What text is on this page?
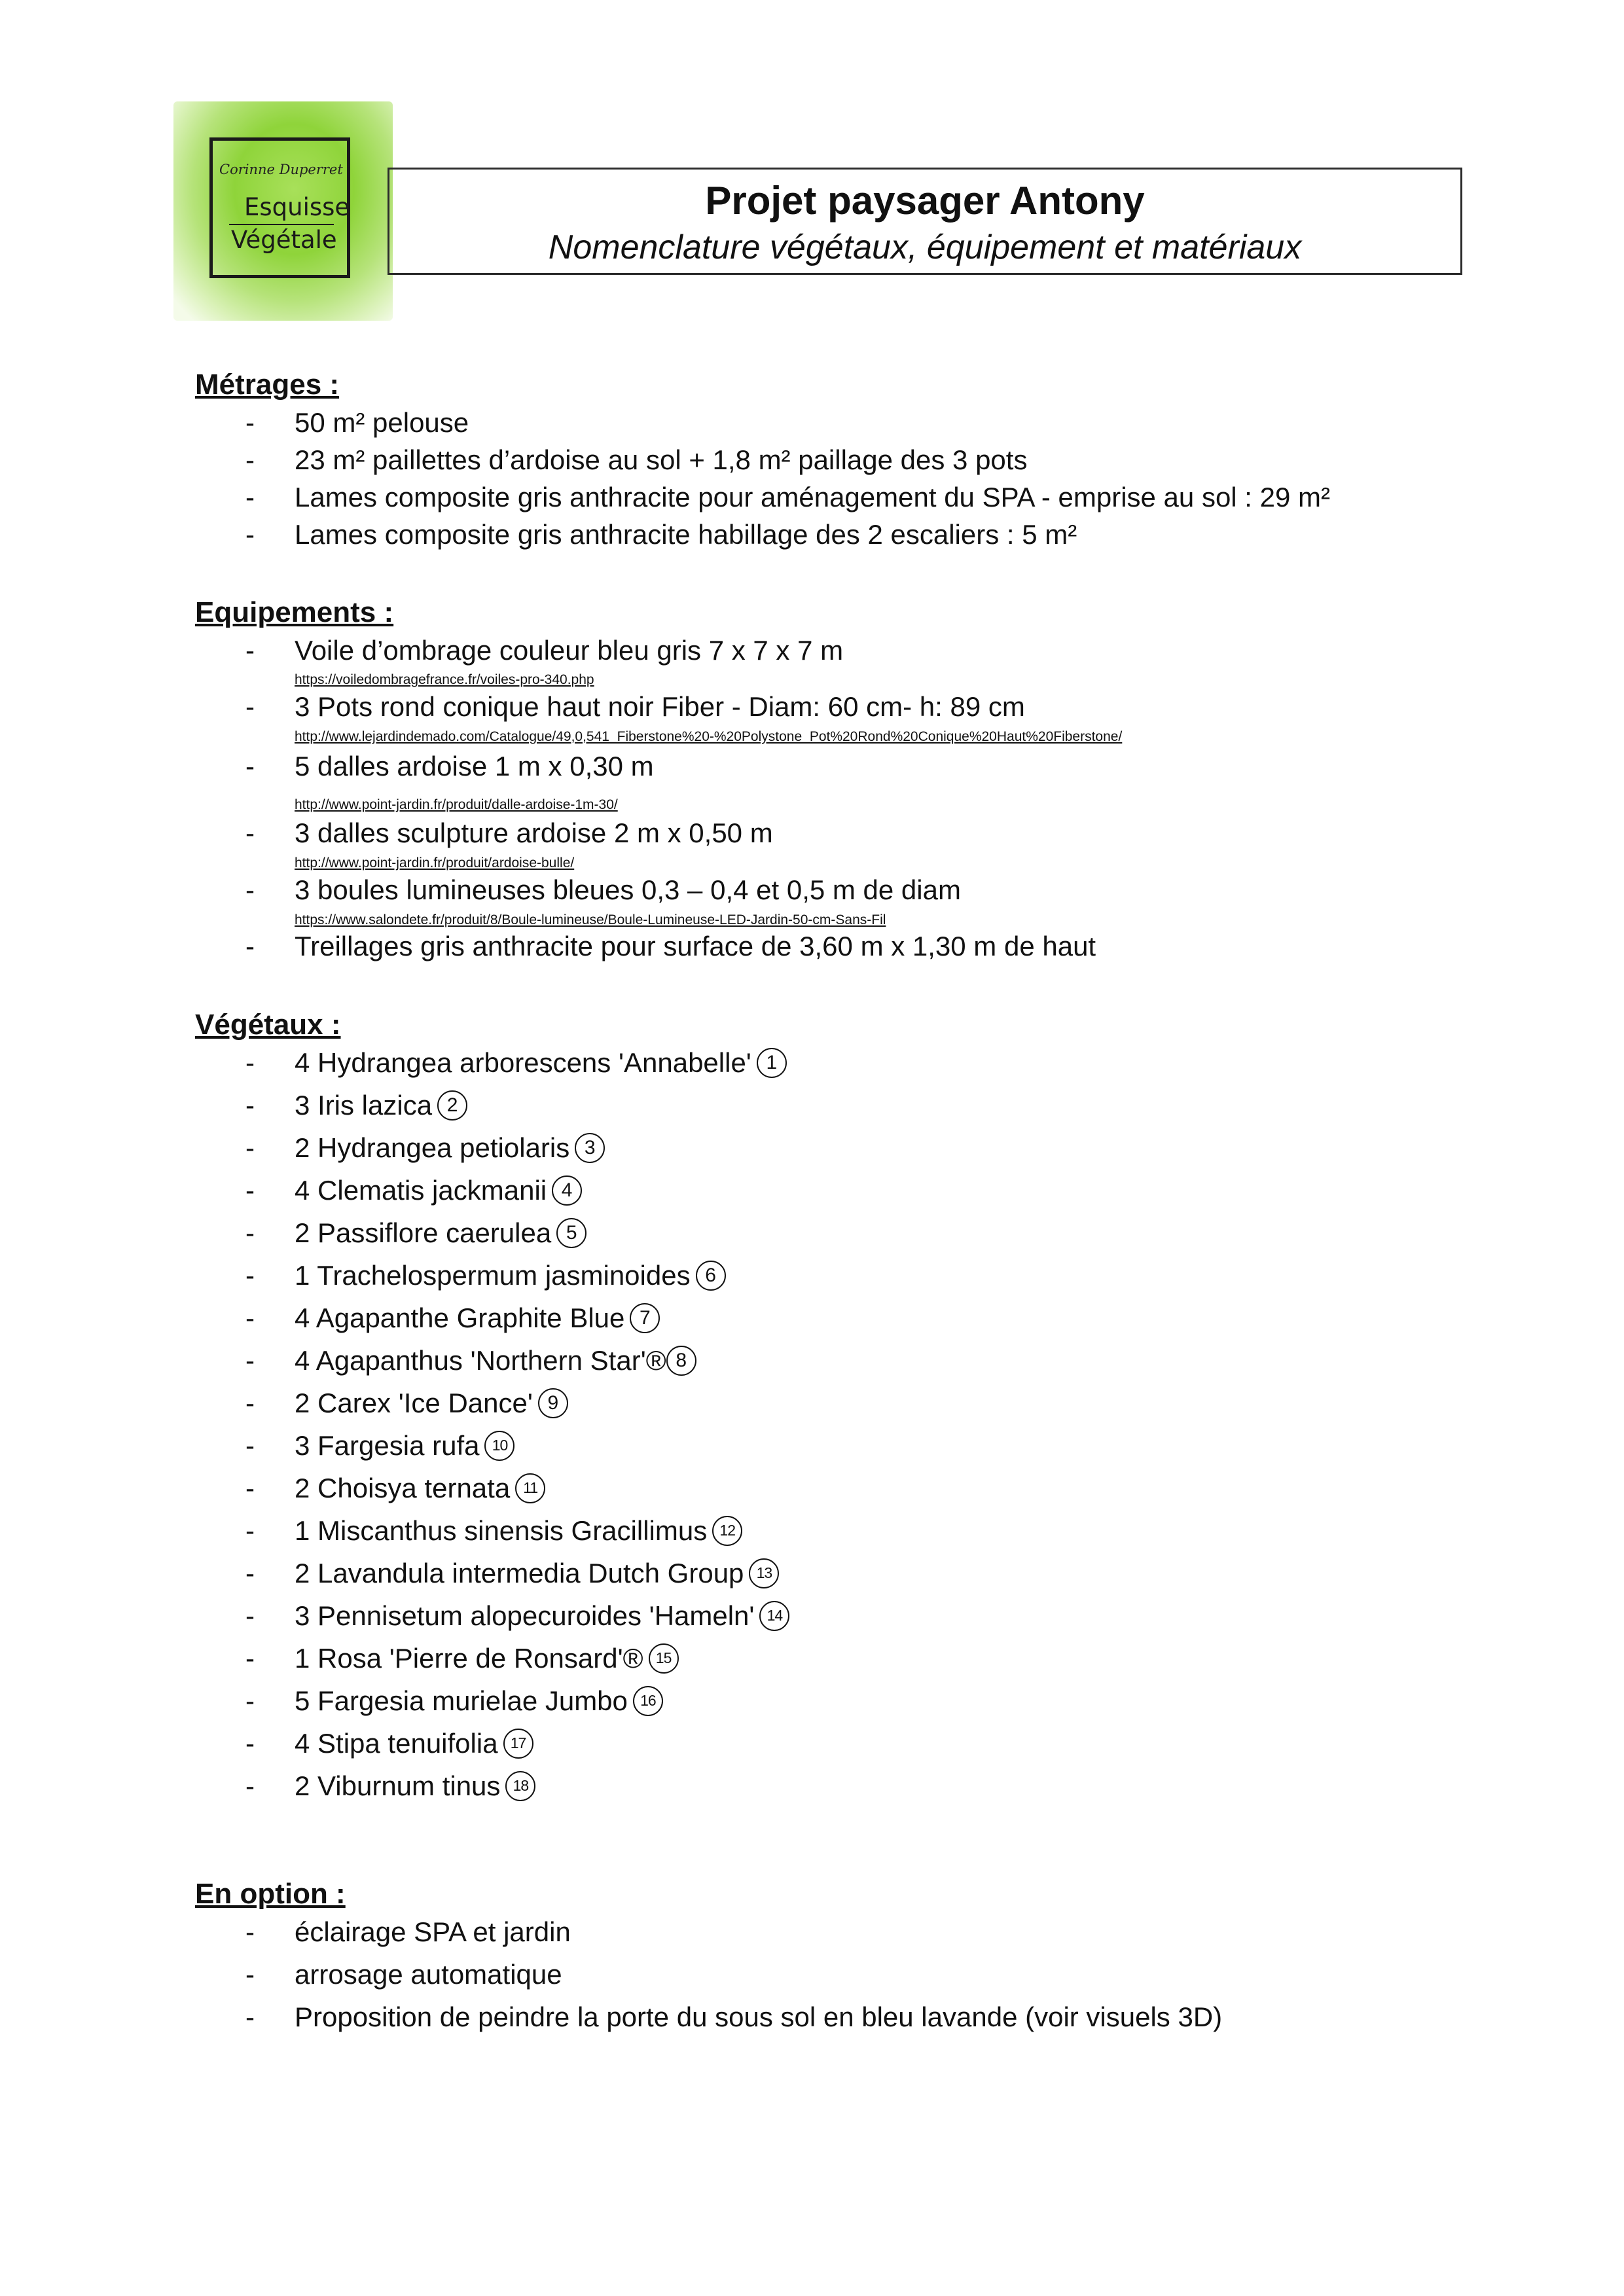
Corinne Duperret
Esquisse
Végétale
Projet paysager Antony
Nomenclature végétaux, équipement et matériaux
Métrages :
- 50 m² pelouse
- 23 m² paillettes d’ardoise au sol + 1,8 m² paillage des 3 pots
- Lames composite gris anthracite pour aménagement du SPA - emprise au sol : 29 m²
- Lames composite gris anthracite habillage des 2 escaliers : 5 m²
Equipements :
- Voile d’ombrage couleur bleu gris 7 x 7 x 7 m
https://voiledombragefrance.fr/voiles-pro-340.php
- 3 Pots rond conique haut noir Fiber - Diam: 60 cm- h: 89 cm
http://www.lejardindemado.com/Catalogue/49,0,541_Fiberstone%20-%20Polystone_Pot%20Rond%20Conique%20Haut%20Fiberstone/
- 5 dalles ardoise 1 m x 0,30 m
http://www.point-jardin.fr/produit/dalle-ardoise-1m-30/
- 3 dalles sculpture ardoise 2 m x 0,50 m
http://www.point-jardin.fr/produit/ardoise-bulle/
- 3 boules lumineuses bleues 0,3 – 0,4 et 0,5 m de diam
https://www.salondete.fr/produit/8/Boule-lumineuse/Boule-Lumineuse-LED-Jardin-50-cm-Sans-Fil
- Treillages gris anthracite pour surface de 3,60 m x 1,30 m de haut
Végétaux :
- 4 Hydrangea arborescens 'Annabelle' 1
- 3 Iris lazica 2
- 2 Hydrangea petiolaris 3
- 4 Clematis jackmanii 4
- 2 Passiflore caerulea 5
- 1 Trachelospermum jasminoides 6
- 4 Agapanthe Graphite Blue 7
- 4 Agapanthus 'Northern Star'® 8
- 2 Carex 'Ice Dance' 9
- 3 Fargesia rufa 10
- 2 Choisya ternata 11
- 1 Miscanthus sinensis Gracillimus 12
- 2 Lavandula intermedia Dutch Group 13
- 3 Pennisetum alopecuroides 'Hameln' 14
- 1 Rosa 'Pierre de Ronsard'® 15
- 5 Fargesia murielae Jumbo 16
- 4 Stipa tenuifolia 17
- 2 Viburnum tinus 18
En option :
- éclairage SPA et jardin
- arrosage automatique
- Proposition de peindre la porte du sous sol en bleu lavande (voir visuels 3D)
